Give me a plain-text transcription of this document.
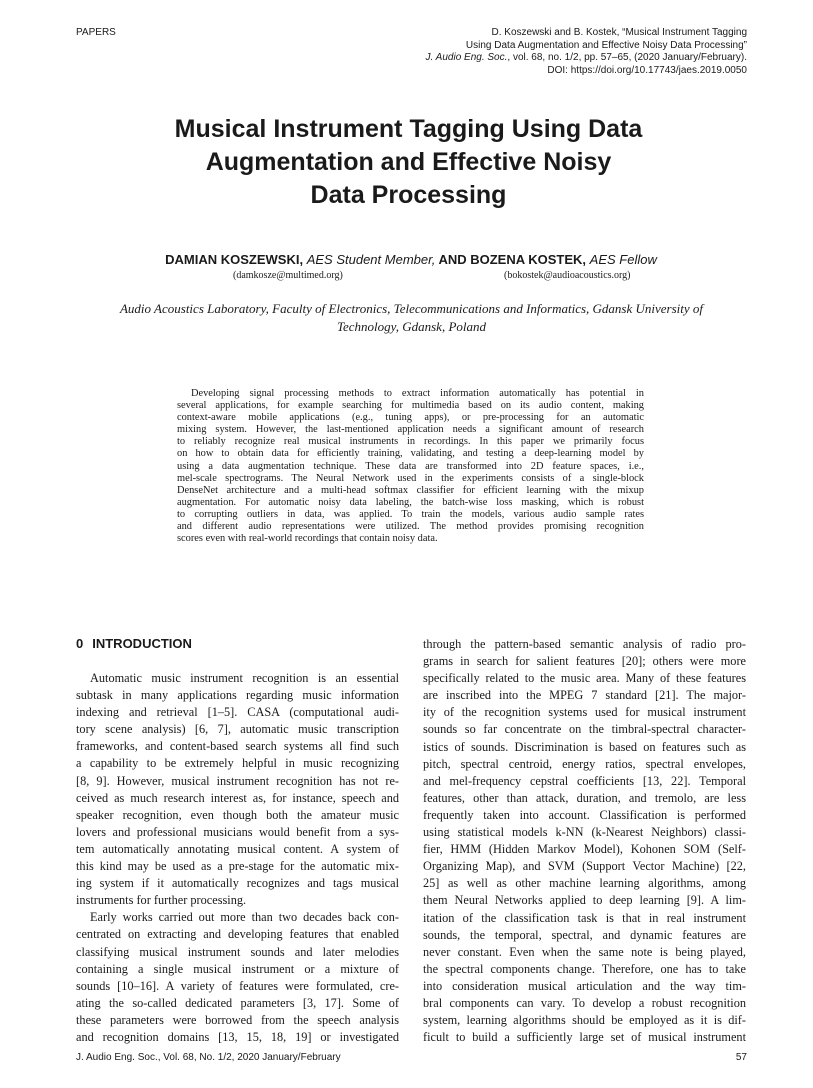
PAPERS	D. Koszewski and B. Kostek, “Musical Instrument Tagging
Using Data Augmentation and Effective Noisy Data Processing”
J. Audio Eng. Soc., vol. 68, no. 1/2, pp. 57–65, (2020 January/February).
DOI: https://doi.org/10.17743/jaes.2019.0050
Musical Instrument Tagging Using Data
Augmentation and Effective Noisy
Data Processing
DAMIAN KOSZEWSKI, AES Student Member, AND BOZENA KOSTEK, AES Fellow
(damkosze@multimed.org)	(bokostek@audioacoustics.org)
Audio Acoustics Laboratory, Faculty of Electronics, Telecommunications and Informatics, Gdansk University of
Technology, Gdansk, Poland
Developing signal processing methods to extract information automatically has potential in
several applications, for example searching for multimedia based on its audio content, making
context-aware mobile applications (e.g., tuning apps), or pre-processing for an automatic
mixing system. However, the last-mentioned application needs a significant amount of research
to reliably recognize real musical instruments in recordings. In this paper we primarily focus
on how to obtain data for efficiently training, validating, and testing a deep-learning model by
using a data augmentation technique. These data are transformed into 2D feature spaces, i.e.,
mel-scale spectrograms. The Neural Network used in the experiments consists of a single-block
DenseNet architecture and a multi-head softmax classifier for efficient learning with the mixup
augmentation. For automatic noisy data labeling, the batch-wise loss masking, which is robust
to corrupting outliers in data, was applied. To train the models, various audio sample rates
and different audio representations were utilized. The method provides promising recognition
scores even with real-world recordings that contain noisy data.
0 INTRODUCTION
Automatic music instrument recognition is an essential
subtask in many applications regarding music information
indexing and retrieval [1–5]. CASA (computational audi-
tory scene analysis) [6, 7], automatic music transcription
frameworks, and content-based search systems all find such
a capability to be extremely helpful in music recognizing
[8, 9]. However, musical instrument recognition has not re-
ceived as much research interest as, for instance, speech and
speaker recognition, even though both the amateur music
lovers and professional musicians would benefit from a sys-
tem automatically annotating musical content. A system of
this kind may be used as a pre-stage for the automatic mix-
ing system if it automatically recognizes and tags musical
instruments for further processing.
Early works carried out more than two decades back con-
centrated on extracting and developing features that enabled
classifying musical instrument sounds and later melodies
containing a single musical instrument or a mixture of
sounds [10–16]. A variety of features were formulated, cre-
ating the so-called dedicated parameters [3, 17]. Some of
these parameters were borrowed from the speech analysis
and recognition domains [13, 15, 18, 19] or investigated
through the pattern-based semantic analysis of radio pro-
grams in search for salient features [20]; others were more
specifically related to the music area. Many of these features
are inscribed into the MPEG 7 standard [21]. The major-
ity of the recognition systems used for musical instrument
sounds so far concentrate on the timbral-spectral character-
istics of sounds. Discrimination is based on features such as
pitch, spectral centroid, energy ratios, spectral envelopes,
and mel-frequency cepstral coefficients [13, 22]. Temporal
features, other than attack, duration, and tremolo, are less
frequently taken into account. Classification is performed
using statistical models k-NN (k-Nearest Neighbors) classi-
fier, HMM (Hidden Markov Model), Kohonen SOM (Self-
Organizing Map), and SVM (Support Vector Machine) [22,
25] as well as other machine learning algorithms, among
them Neural Networks applied to deep learning [9]. A lim-
itation of the classification task is that in real instrument
sounds, the temporal, spectral, and dynamic features are
never constant. Even when the same note is being played,
the spectral components change. Therefore, one has to take
into consideration musical articulation and the way tim-
bral components can vary. To develop a robust recognition
system, learning algorithms should be employed as it is dif-
ficult to build a sufficiently large set of musical instrument
J. Audio Eng. Soc., Vol. 68, No. 1/2, 2020 January/February	57
